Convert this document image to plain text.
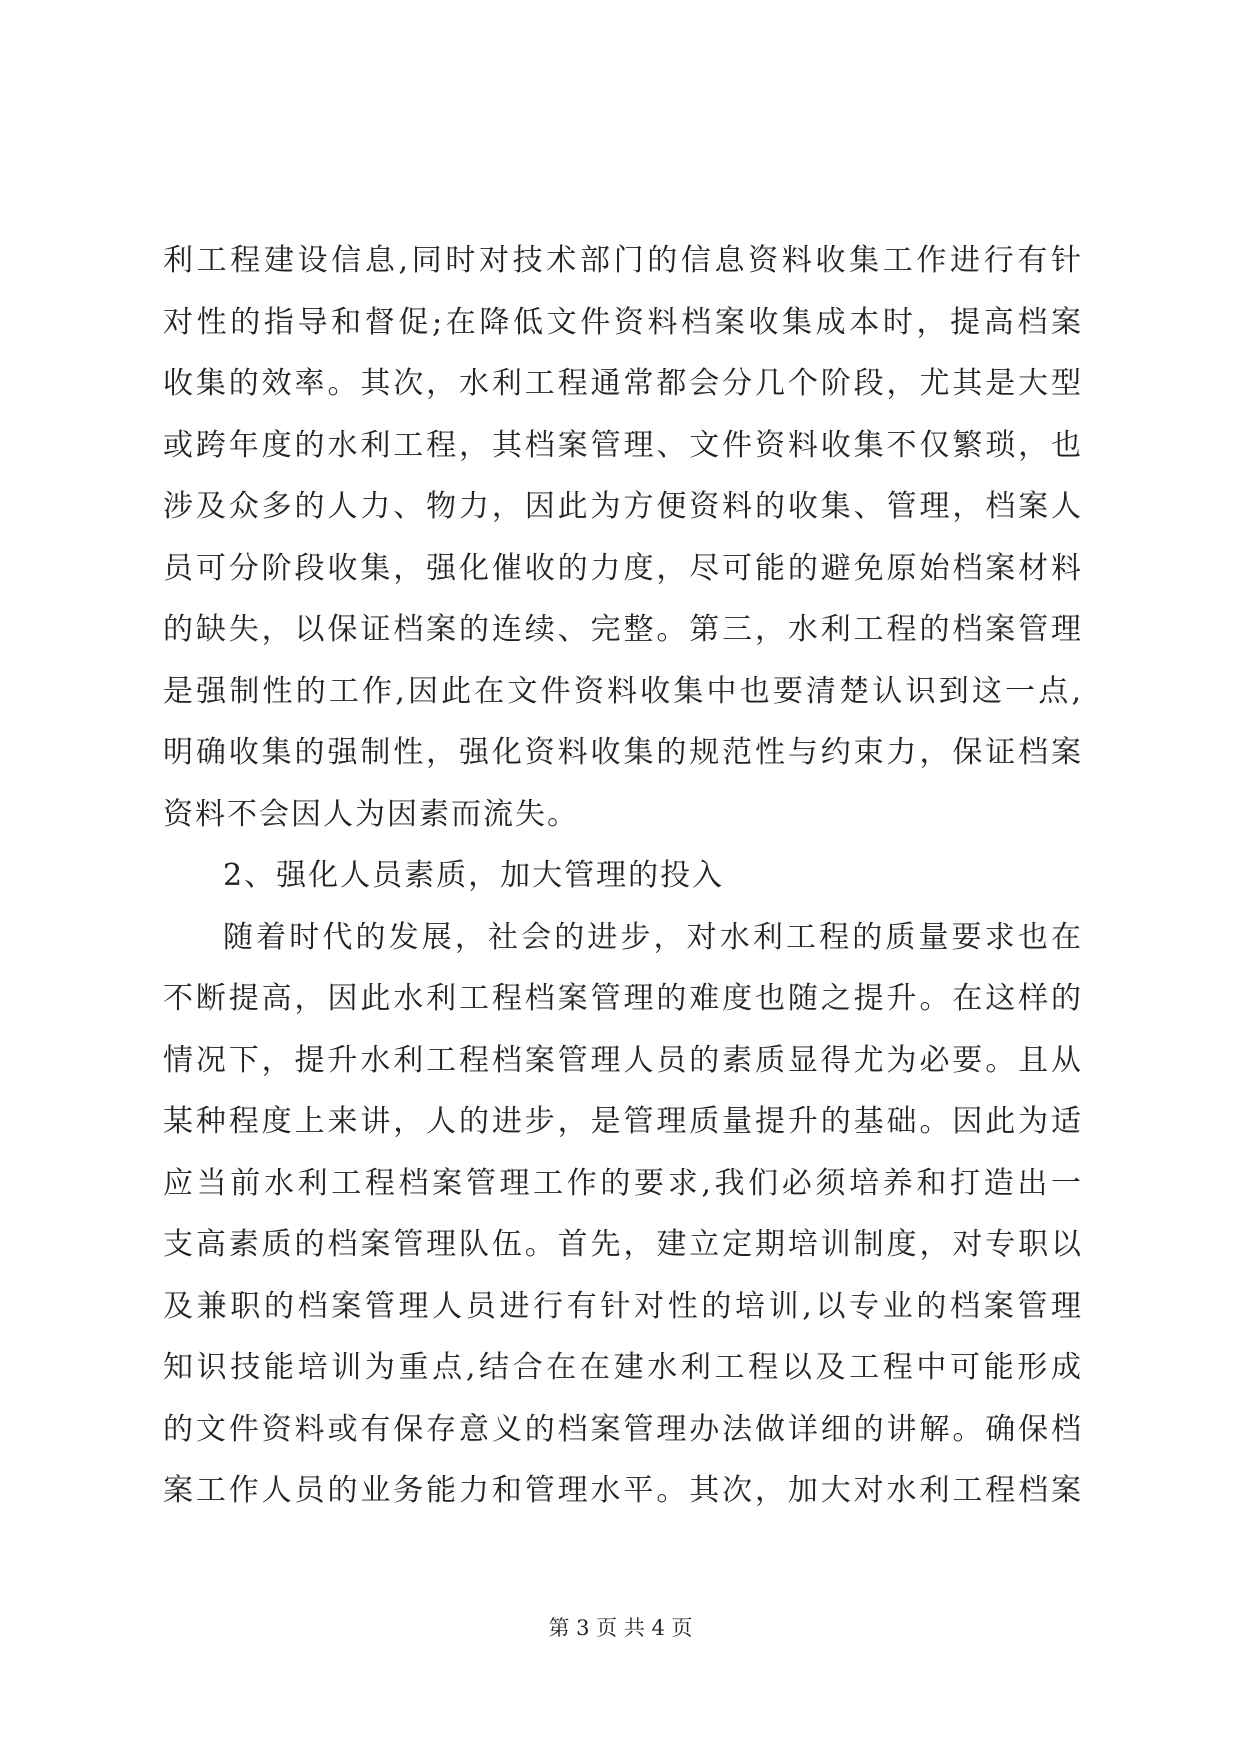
利工程建设信息,同时对技术部门的信息资料收集工作进行有针
对性的指导和督促;在降低文件资料档案收集成本时，提高档案
收集的效率。其次，水利工程通常都会分几个阶段，尤其是大型
或跨年度的水利工程，其档案管理、文件资料收集不仅繁琐，也
涉及众多的人力、物力，因此为方便资料的收集、管理，档案人
员可分阶段收集，强化催收的力度，尽可能的避免原始档案材料
的缺失，以保证档案的连续、完整。第三，水利工程的档案管理
是强制性的工作,因此在文件资料收集中也要清楚认识到这一点,
明确收集的强制性，强化资料收集的规范性与约束力，保证档案
资料不会因人为因素而流失。
2、强化人员素质，加大管理的投入
随着时代的发展，社会的进步，对水利工程的质量要求也在
不断提高，因此水利工程档案管理的难度也随之提升。在这样的
情况下，提升水利工程档案管理人员的素质显得尤为必要。且从
某种程度上来讲，人的进步，是管理质量提升的基础。因此为适
应当前水利工程档案管理工作的要求,我们必须培养和打造出一
支高素质的档案管理队伍。首先，建立定期培训制度，对专职以
及兼职的档案管理人员进行有针对性的培训,以专业的档案管理
知识技能培训为重点,结合在在建水利工程以及工程中可能形成
的文件资料或有保存意义的档案管理办法做详细的讲解。确保档
案工作人员的业务能力和管理水平。其次，加大对水利工程档案
第 3 页 共 4 页
